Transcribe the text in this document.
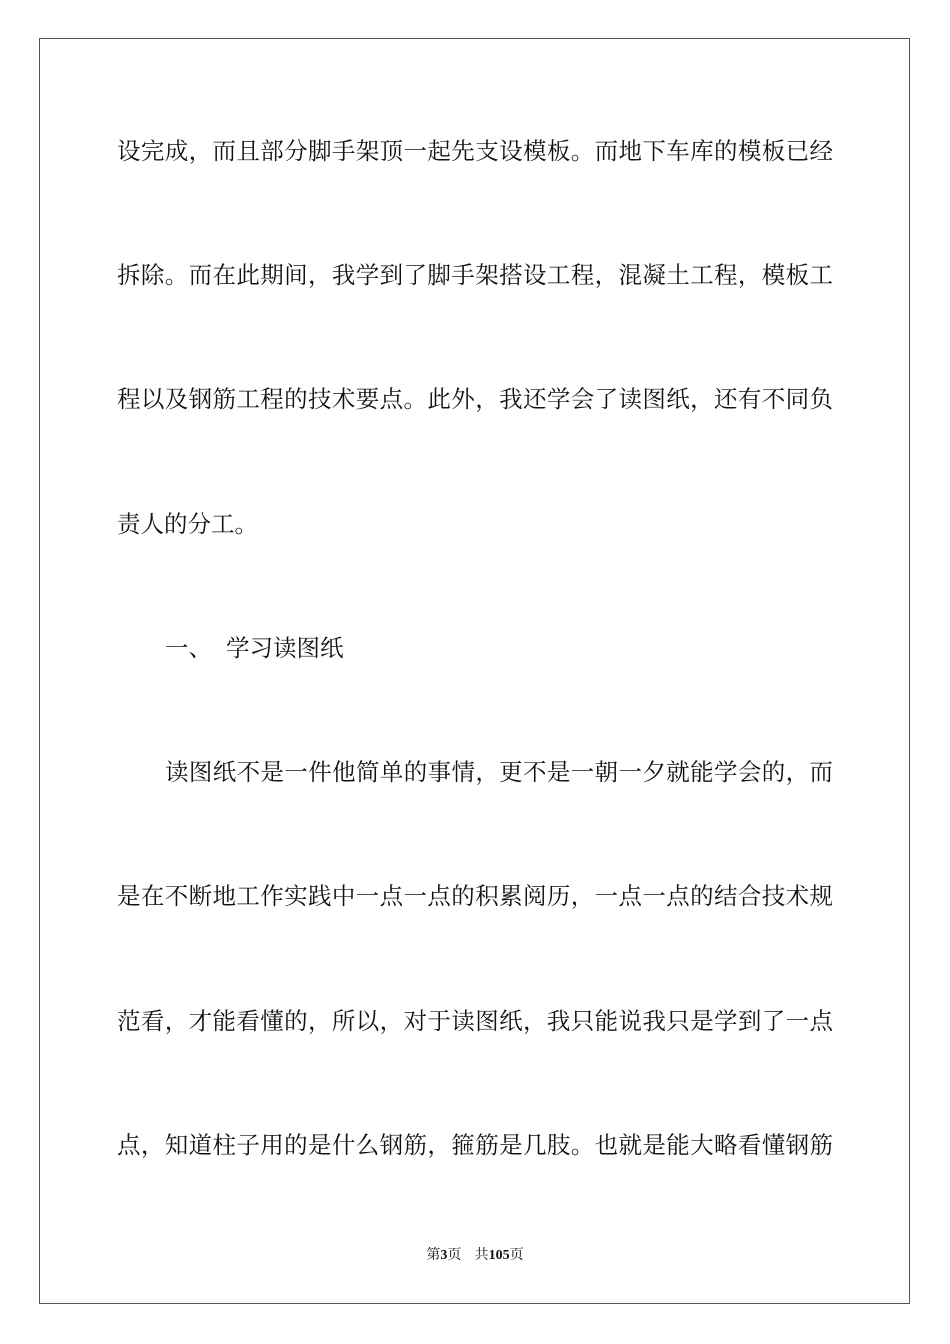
设完成，而且部分脚手架顶一起先支设模板。而地下车库的模板已经
拆除。而在此期间，我学到了脚手架搭设工程，混凝土工程，模板工
程以及钢筋工程的技术要点。此外，我还学会了读图纸，还有不同负
责人的分工。
一、 学习读图纸
读图纸不是一件他简单的事情，更不是一朝一夕就能学会的，而
是在不断地工作实践中一点一点的积累阅历，一点一点的结合技术规
范看，才能看懂的，所以，对于读图纸，我只能说我只是学到了一点
点，知道柱子用的是什么钢筋，箍筋是几肢。也就是能大略看懂钢筋
第3页 共105页
